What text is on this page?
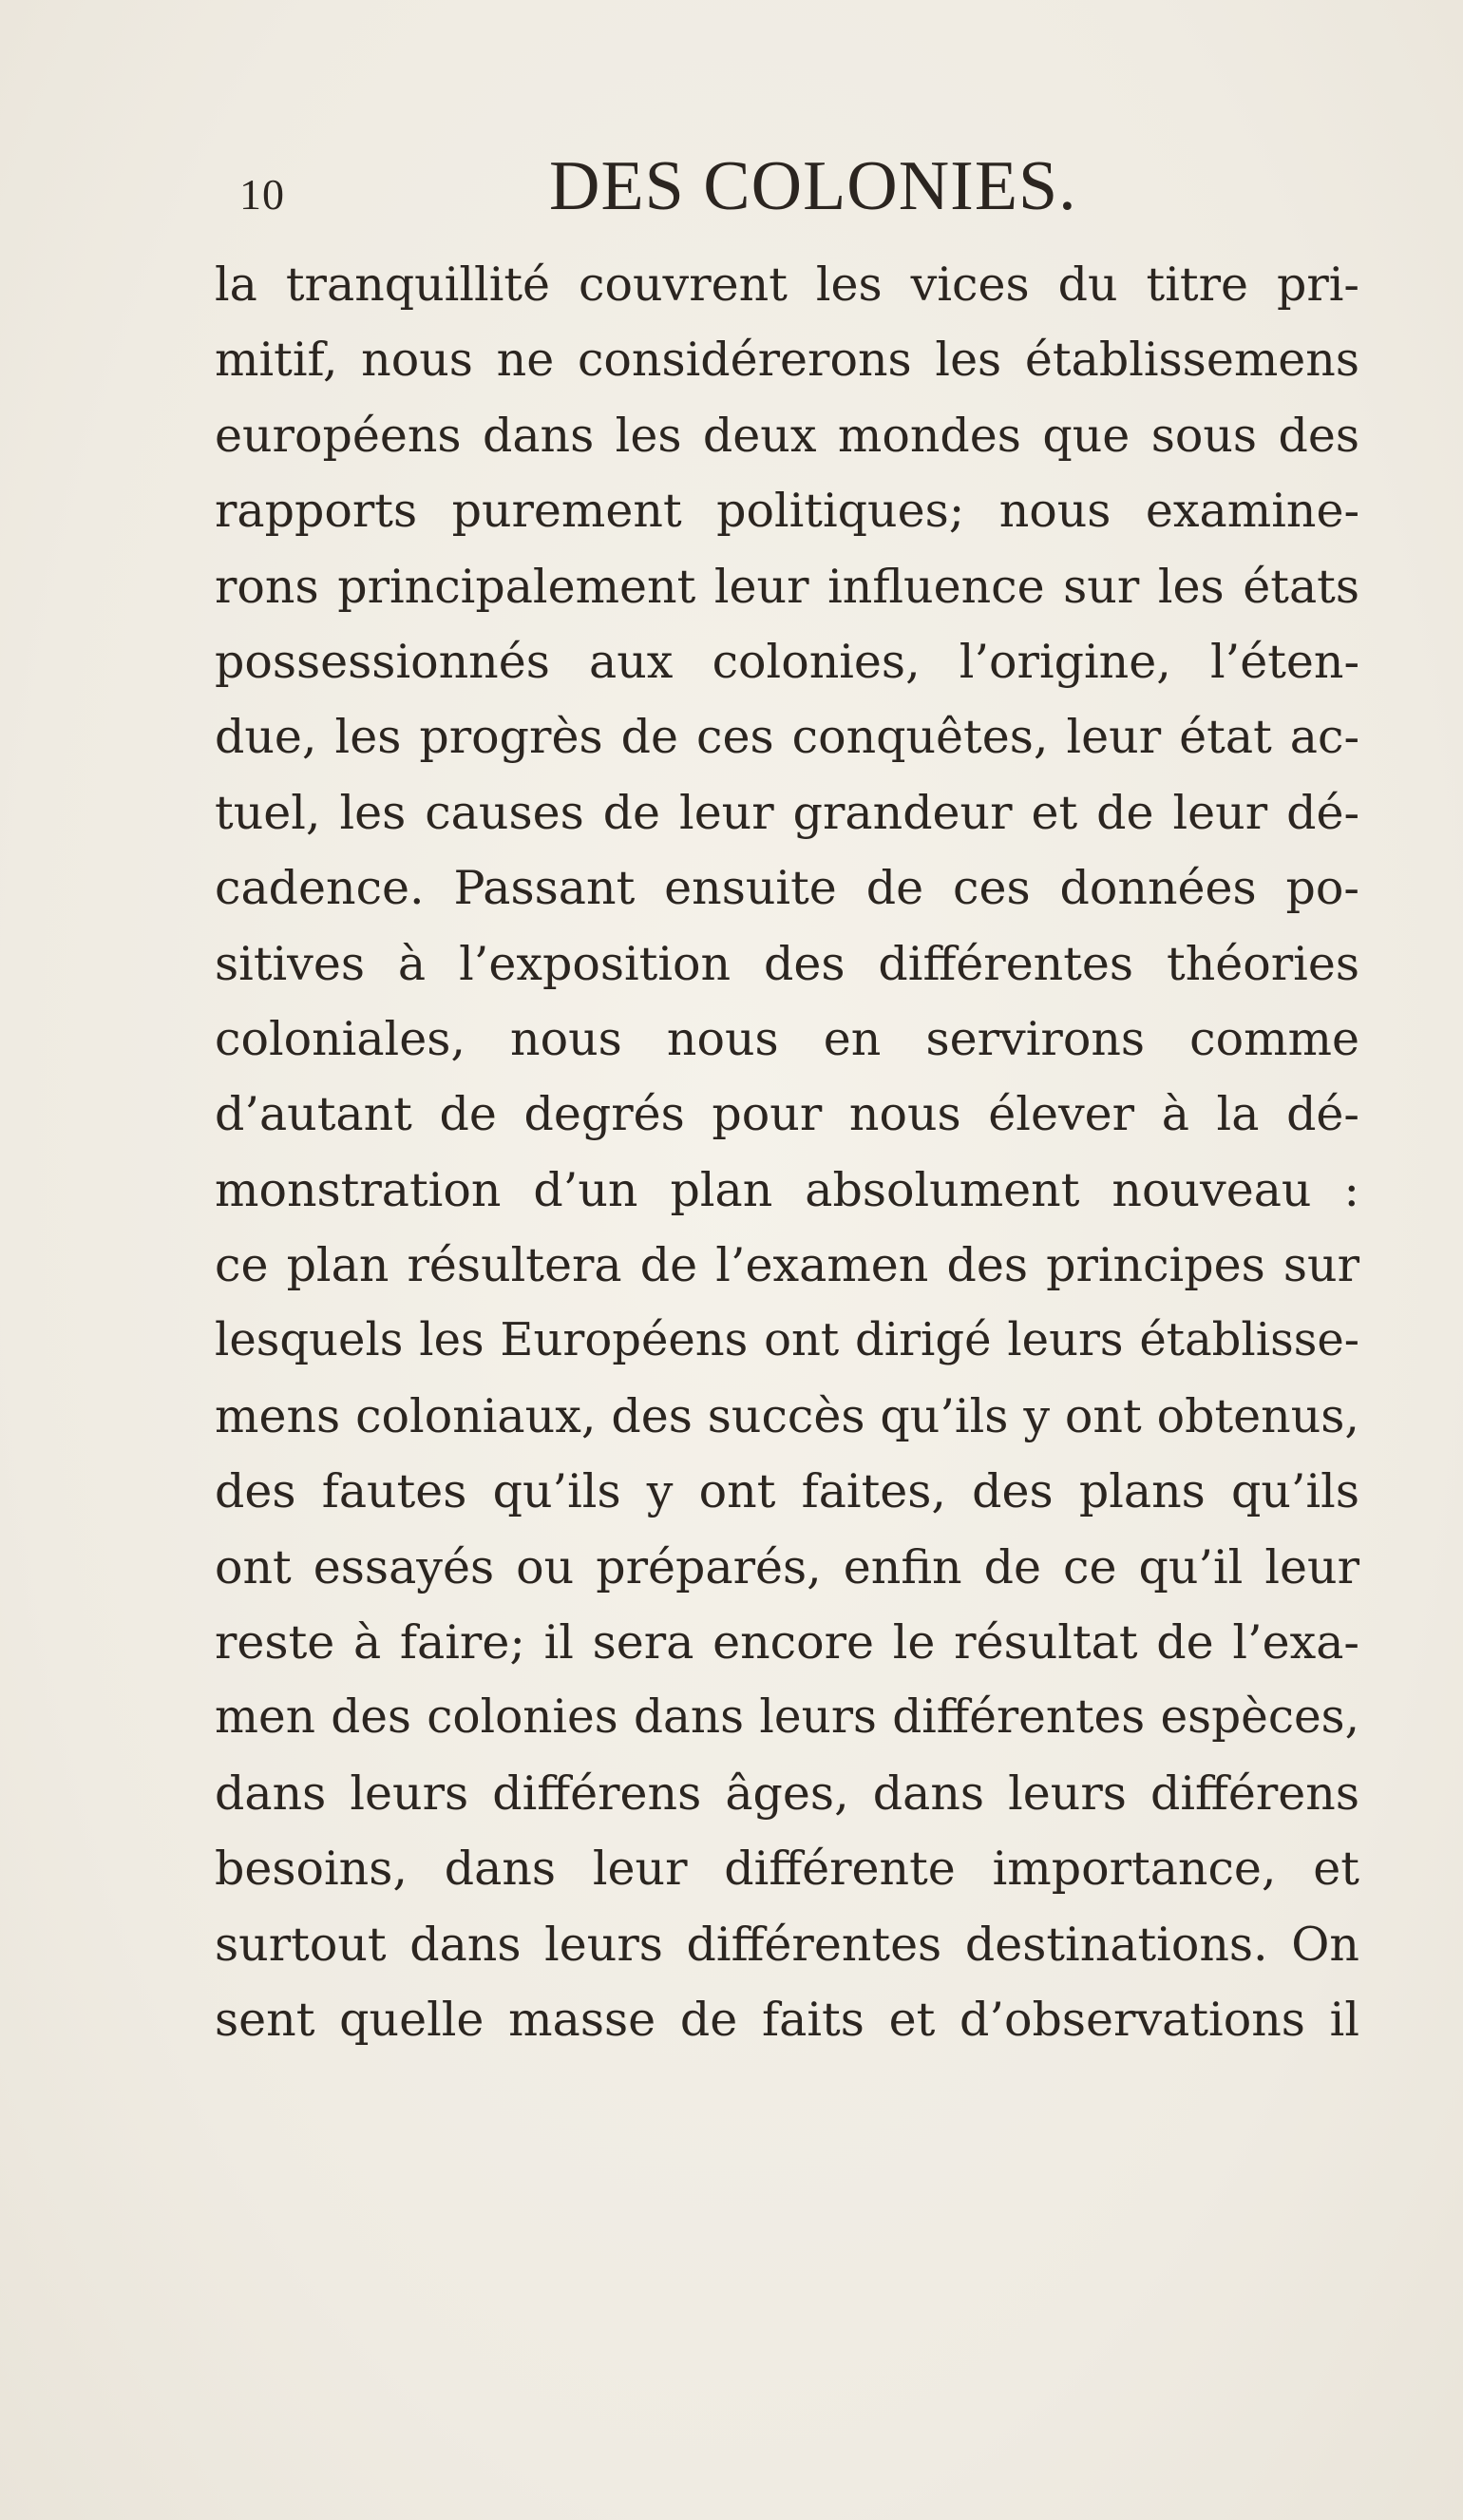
10	DES COLONIES.
la tranquillité couvrent les vices du titre pri-
mitif, nous ne considérerons les établissemens
européens dans les deux mondes que sous des
rapports purement politiques; nous examine-
rons principalement leur influence sur les états
possessionnés aux colonies, l’origine, l’éten-
due, les progrès de ces conquêtes, leur état ac-
tuel, les causes de leur grandeur et de leur dé-
cadence. Passant ensuite de ces données po-
sitives à l’exposition des différentes théories
coloniales, nous nous en servirons comme
d’autant de degrés pour nous élever à la dé-
monstration d’un plan absolument nouveau :
ce plan résultera de l’examen des principes sur
lesquels les Européens ont dirigé leurs établisse-
mens coloniaux, des succès qu’ils y ont obtenus,
des fautes qu’ils y ont faites, des plans qu’ils
ont essayés ou préparés, enfin de ce qu’il leur
reste à faire; il sera encore le résultat de l’exa-
men des colonies dans leurs différentes espèces,
dans leurs différens âges, dans leurs différens
besoins, dans leur différente importance, et
surtout dans leurs différentes destinations. On
sent quelle masse de faits et d’observations il
